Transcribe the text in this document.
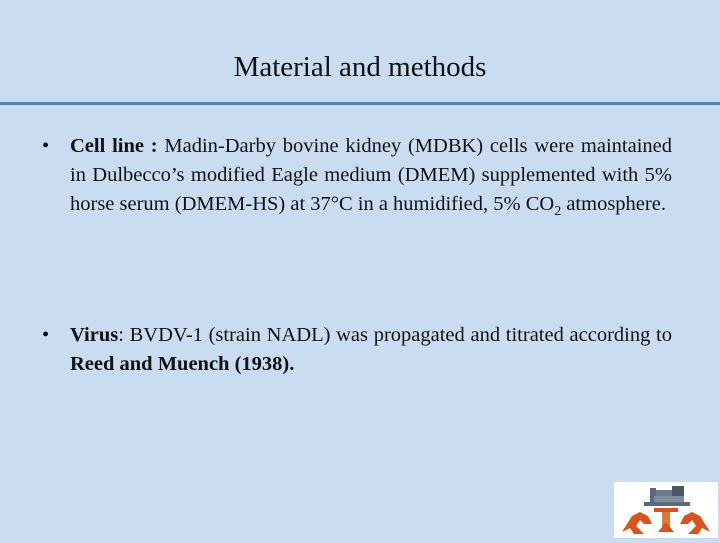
Material and methods
•	Cell line : Madin-Darby bovine kidney (MDBK) cells were maintained in Dulbecco’s modified Eagle medium (DMEM) supplemented with 5% horse serum (DMEM-HS) at 37°C in a humidified, 5% $CO_2$ atmosphere.
•	Virus: BVDV-1 (strain NADL) was propagated and titrated according to Reed and Muench (1938).
